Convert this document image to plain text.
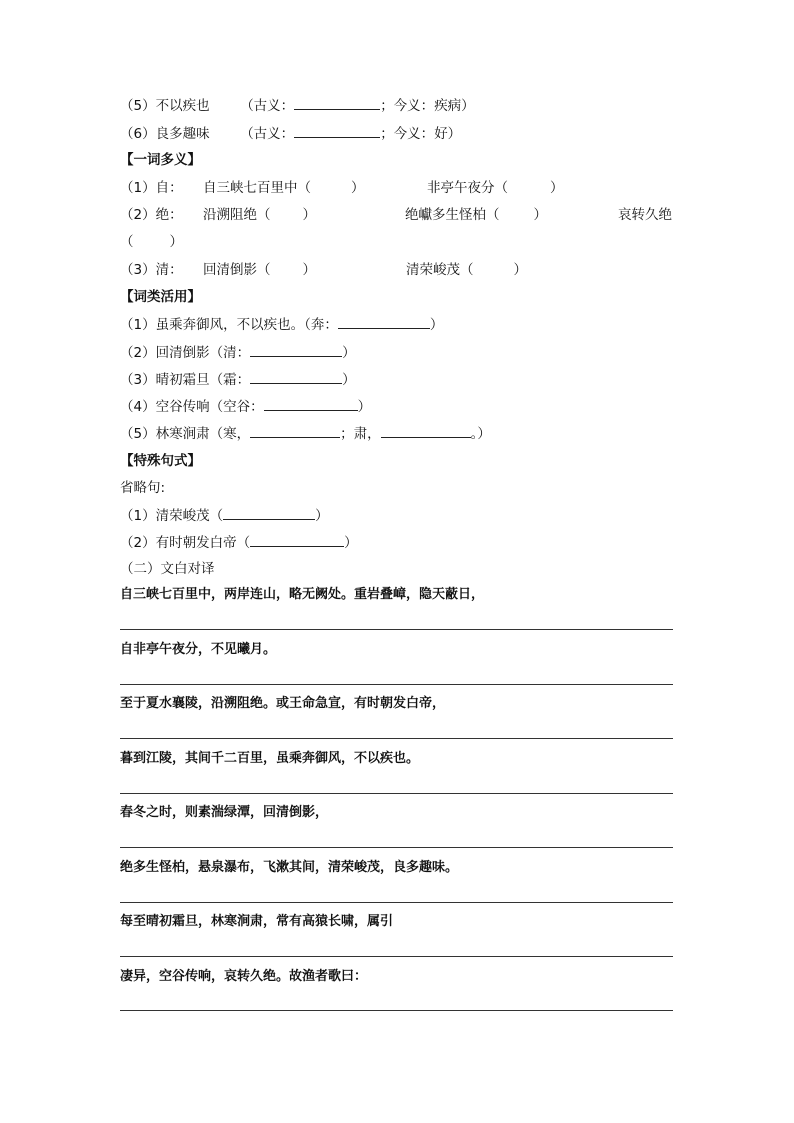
（5）不以疾也 （古义：	；今义：疾病）
（6）良多趣味 （古义：	；今义：好）
【一词多义】
（1）自： 自三峡七百里中（	）	非亭午夜分（	）
（2）绝： 沿溯阻绝（ ）	绝巘多生怪柏（	）	哀转久绝
（	）
（3）清： 回清倒影（ ）	清荣峻茂（	）
【词类活用】
（1）虽乘奔御风，不以疾也。（奔：	）
（2）回清倒影（清：	）
（3）晴初霜旦（霜：	）
（4）空谷传响（空谷：	）
（5）林寒涧肃（寒，	；肃，	。）
【特殊句式】
省略句:
（1）清荣峻茂（	）
（2）有时朝发白帝（	）
（二）文白对译
自三峡七百里中，两岸连山，略无阙处。重岩叠嶂，隐天蔽日，
自非亭午夜分，不见曦月。
至于夏水襄陵，沿溯阻绝。或王命急宣，有时朝发白帝，
暮到江陵，其间千二百里，虽乘奔御风，不以疾也。
春冬之时，则素湍绿潭，回清倒影，
绝多生怪柏，悬泉瀑布，飞漱其间，清荣峻茂，良多趣味。
每至晴初霜旦，林寒涧肃，常有高猿长啸，属引
凄异，空谷传响，哀转久绝。故渔者歌曰：
